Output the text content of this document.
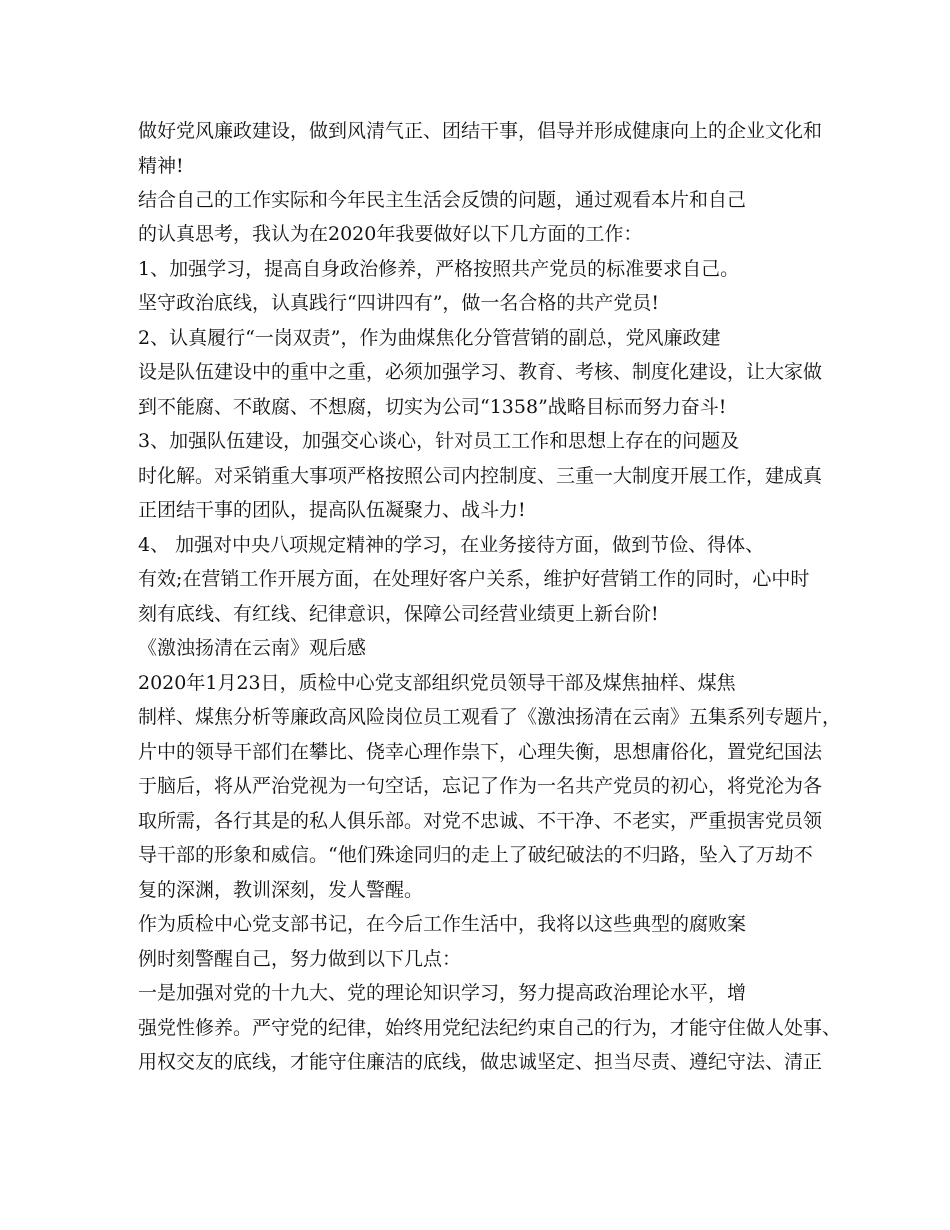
做好党风廉政建设，做到风清气正、团结干事，倡导并形成健康向上的企业文化和
精神!
结合自己的工作实际和今年民主生活会反馈的问题，通过观看本片和自己
的认真思考，我认为在2020年我要做好以下几方面的工作：
1、加强学习，提高自身政治修养，严格按照共产党员的标准要求自己。
坚守政治底线，认真践行“四讲四有”，做一名合格的共产党员!
2、认真履行“一岗双责”，作为曲煤焦化分管营销的副总，党风廉政建
设是队伍建设中的重中之重，必须加强学习、教育、考核、制度化建设，让大家做
到不能腐、不敢腐、不想腐，切实为公司“1358”战略目标而努力奋斗!
3、加强队伍建设，加强交心谈心，针对员工工作和思想上存在的问题及
时化解。对采销重大事项严格按照公司内控制度、三重一大制度开展工作，建成真
正团结干事的团队，提高队伍凝聚力、战斗力!
4、 加强对中央八项规定精神的学习，在业务接待方面，做到节俭、得体、
有效;在营销工作开展方面，在处理好客户关系，维护好营销工作的同时，心中时
刻有底线、有红线、纪律意识，保障公司经营业绩更上新台阶!
《激浊扬清在云南》观后感
2020年1月23日，质检中心党支部组织党员领导干部及煤焦抽样、煤焦
制样、煤焦分析等廉政高风险岗位员工观看了《激浊扬清在云南》五集系列专题片，
片中的领导干部们在攀比、侥幸心理作祟下，心理失衡，思想庸俗化，置党纪国法
于脑后，将从严治党视为一句空话，忘记了作为一名共产党员的初心，将党沦为各
取所需，各行其是的私人俱乐部。对党不忠诚、不干净、不老实，严重损害党员领
导干部的形象和威信。“他们殊途同归的走上了破纪破法的不归路，坠入了万劫不
复的深渊，教训深刻，发人警醒。
作为质检中心党支部书记，在今后工作生活中，我将以这些典型的腐败案
例时刻警醒自己，努力做到以下几点：
一是加强对党的十九大、党的理论知识学习，努力提高政治理论水平，增
强党性修养。严守党的纪律，始终用党纪法纪约束自己的行为，才能守住做人处事、
用权交友的底线，才能守住廉洁的底线，做忠诚坚定、担当尽责、遵纪守法、清正
